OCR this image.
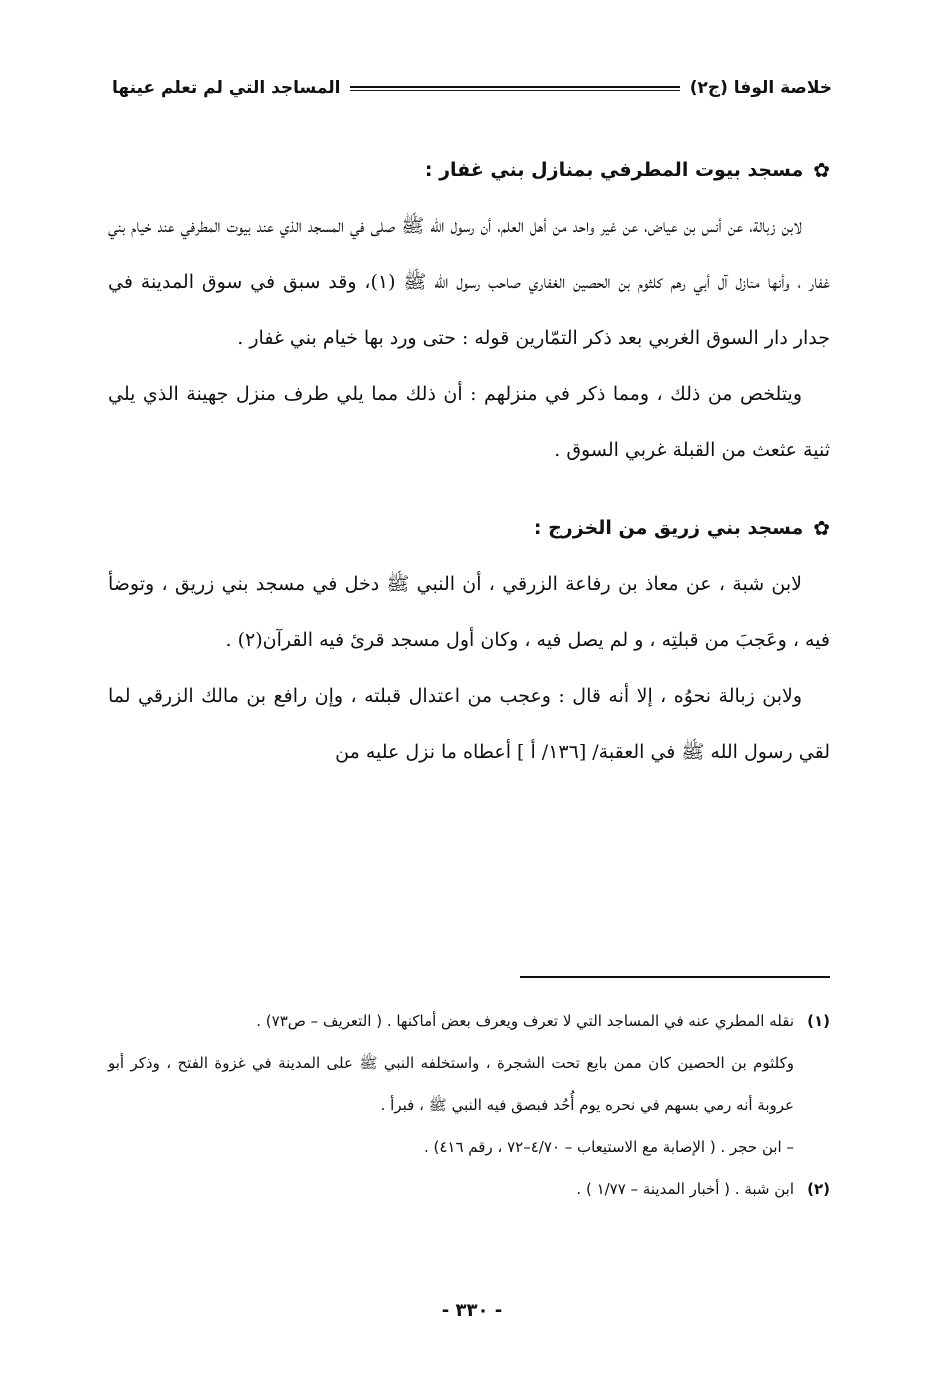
خلاصة الوفا (ج٢)
المساجد التي لم تعلم عينها
✿
مسجد بيوت المطرفي بمنازل بني غفار :

لابن زبالة، عن أنس بن عياض، عن غير واحد من أهل العلم، أن رسول الله ﷺ صلى في المسجد الذي عند بيوت المطرفي عند خيام بني غفار ، وأنها منازل آل أبي رهم كلثوم بن الحصين الغفاري صاحب رسول الله ﷺ (١)، وقد سبق في سوق المدينة في جدار دار السوق الغربي بعد ذكر التمّارين قوله : حتى ورد بها خيام بني غفار .

ويتلخص من ذلك ، ومما ذكر في منزلهم : أن ذلك مما يلي طرف منزل جهينة الذي يلي ثنية عثعث من القبلة غربي السوق .

✿
مسجد بني زريق من الخزرج :

لابن شبة ، عن معاذ بن رفاعة الزرقي ، أن النبي ﷺ دخل في مسجد بني زريق ، وتوضأ فيه ، وعَجبَ من قبلتِه ، و لم يصل فيه ، وكان أول مسجد قرئ فيه القرآن(٢) .

ولابن زبالة نحوُه ، إلا أنه قال : وعجب من اعتدال قبلته ، وإن رافع بن مالك الزرقي لما لقي رسول الله ﷺ في العقبة/ [١٣٦/ أ ] أعطاه ما نزل عليه من

(١)
نقله المطري عنه في المساجد التي لا تعرف ويعرف بعض أماكنها . ( التعريف – ص٧٣) .
وكلثوم بن الحصين كان ممن بايع تحت الشجرة ، واستخلفه النبي ﷺ على المدينة في غزوة الفتح ، وذكر أبو عروبة أنه رمي بسهم في نحره يوم أُحُد فبصق فيه النبي ﷺ ، فبرأ .
– ابن حجر . ( الإصابة مع الاستيعاب – ٤/٧٠–٧٢ ، رقم ٤١٦) .
(٢)
ابن شبة . ( أخبار المدينة – ١/٧٧ ) .
- ٣٣٠ -
